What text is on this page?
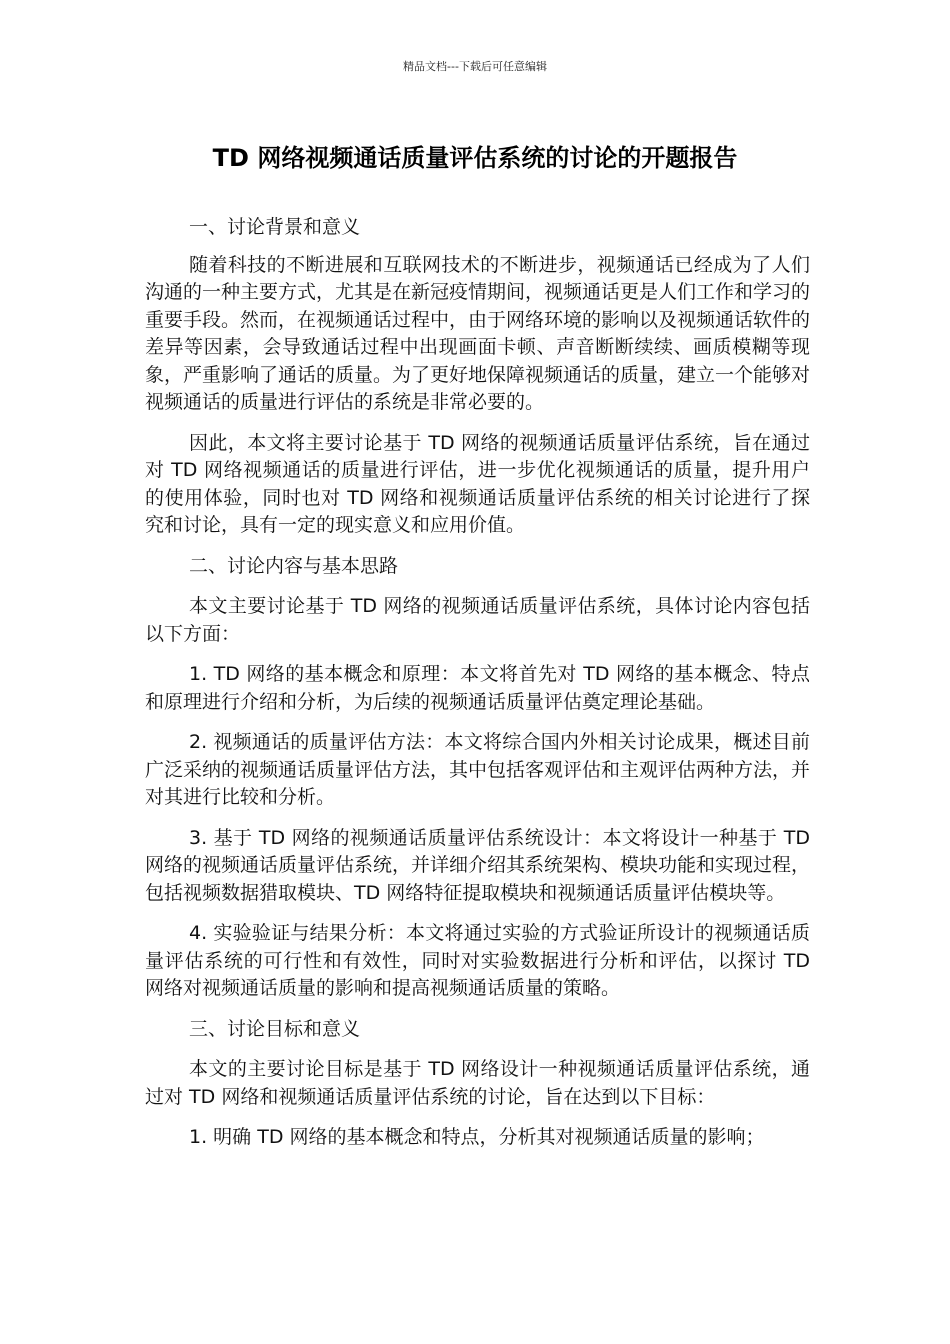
精品文档---下载后可任意编辑
TD 网络视频通话质量评估系统的讨论的开题报告

一、讨论背景和意义

随着科技的不断进展和互联网技术的不断进步，视频通话已经成为了人们沟通的一种主要方式，尤其是在新冠疫情期间，视频通话更是人们工作和学习的重要手段。然而，在视频通话过程中，由于网络环境的影响以及视频通话软件的差异等因素，会导致通话过程中出现画面卡顿、声音断断续续、画质模糊等现象，严重影响了通话的质量。为了更好地保障视频通话的质量，建立一个能够对视频通话的质量进行评估的系统是非常必要的。

因此，本文将主要讨论基于 TD 网络的视频通话质量评估系统，旨在通过对 TD 网络视频通话的质量进行评估，进一步优化视频通话的质量，提升用户的使用体验，同时也对 TD 网络和视频通话质量评估系统的相关讨论进行了探究和讨论，具有一定的现实意义和应用价值。

二、讨论内容与基本思路

本文主要讨论基于 TD 网络的视频通话质量评估系统，具体讨论内容包括以下方面：

1. TD 网络的基本概念和原理：本文将首先对 TD 网络的基本概念、特点和原理进行介绍和分析，为后续的视频通话质量评估奠定理论基础。

2. 视频通话的质量评估方法：本文将综合国内外相关讨论成果，概述目前广泛采纳的视频通话质量评估方法，其中包括客观评估和主观评估两种方法，并对其进行比较和分析。

3. 基于 TD 网络的视频通话质量评估系统设计：本文将设计一种基于 TD 网络的视频通话质量评估系统，并详细介绍其系统架构、模块功能和实现过程，包括视频数据猎取模块、TD 网络特征提取模块和视频通话质量评估模块等。

4. 实验验证与结果分析：本文将通过实验的方式验证所设计的视频通话质量评估系统的可行性和有效性，同时对实验数据进行分析和评估，以探讨 TD 网络对视频通话质量的影响和提高视频通话质量的策略。

三、讨论目标和意义

本文的主要讨论目标是基于 TD 网络设计一种视频通话质量评估系统，通过对 TD 网络和视频通话质量评估系统的讨论，旨在达到以下目标：

1. 明确 TD 网络的基本概念和特点，分析其对视频通话质量的影响；
